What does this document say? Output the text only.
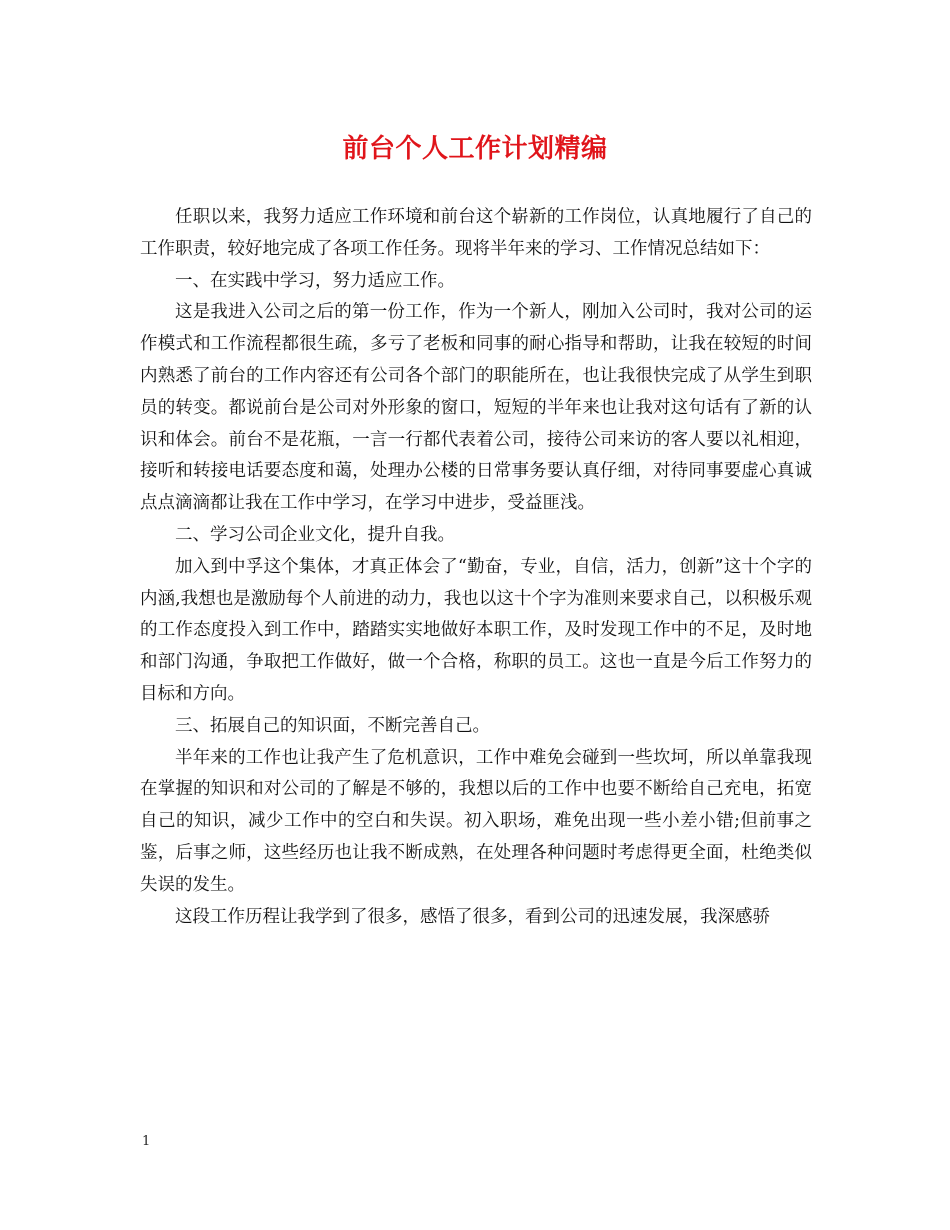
前台个人工作计划精编

任职以来，我努力适应工作环境和前台这个崭新的工作岗位，认真地履行了自己的工作职责，较好地完成了各项工作任务。现将半年来的学习、工作情况总结如下：

一、在实践中学习，努力适应工作。

这是我进入公司之后的第一份工作，作为一个新人，刚加入公司时，我对公司的运作模式和工作流程都很生疏，多亏了老板和同事的耐心指导和帮助，让我在较短的时间内熟悉了前台的工作内容还有公司各个部门的职能所在，也让我很快完成了从学生到职员的转变。都说前台是公司对外形象的窗口，短短的半年来也让我对这句话有了新的认识和体会。前台不是花瓶，一言一行都代表着公司，接待公司来访的客人要以礼相迎，接听和转接电话要态度和蔼，处理办公楼的日常事务要认真仔细，对待同事要虚心真诚点点滴滴都让我在工作中学习，在学习中进步，受益匪浅。

二、学习公司企业文化，提升自我。

加入到中孚这个集体，才真正体会了“勤奋，专业，自信，活力，创新”这十个字的内涵,我想也是激励每个人前进的动力，我也以这十个字为准则来要求自己，以积极乐观的工作态度投入到工作中，踏踏实实地做好本职工作，及时发现工作中的不足，及时地和部门沟通，争取把工作做好，做一个合格，称职的员工。这也一直是今后工作努力的目标和方向。

三、拓展自己的知识面，不断完善自己。

半年来的工作也让我产生了危机意识，工作中难免会碰到一些坎坷，所以单靠我现在掌握的知识和对公司的了解是不够的，我想以后的工作中也要不断给自己充电，拓宽自己的知识，减少工作中的空白和失误。初入职场，难免出现一些小差小错;但前事之鉴，后事之师，这些经历也让我不断成熟，在处理各种问题时考虑得更全面，杜绝类似失误的发生。

这段工作历程让我学到了很多，感悟了很多，看到公司的迅速发展，我深感骄

1
